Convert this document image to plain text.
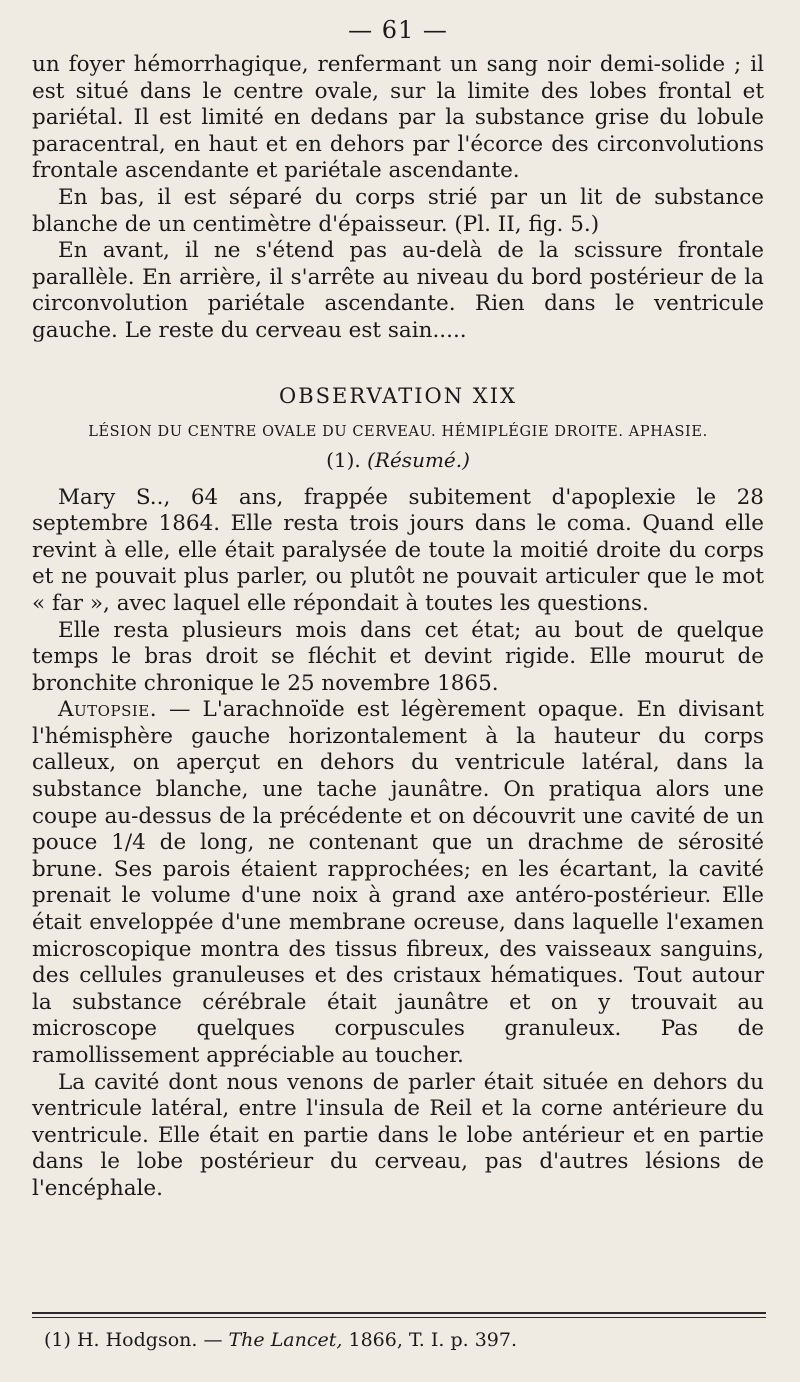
— 61 —

un foyer hémorrhagique, renfermant un sang noir demi-solide ; il est situé dans le centre ovale, sur la limite des lobes frontal et pariétal. Il est limité en dedans par la substance grise du lobule paracentral, en haut et en dehors par l'écorce des circonvolutions frontale ascendante et pariétale ascendante.

En bas, il est séparé du corps strié par un lit de substance blanche de un centimètre d'épaisseur. (Pl. II, fig. 5.)

En avant, il ne s'étend pas au-delà de la scissure frontale parallèle. En arrière, il s'arrête au niveau du bord postérieur de la circonvolution pariétale ascendante. Rien dans le ventricule gauche. Le reste du cerveau est sain.....

OBSERVATION XIX
LÉSION DU CENTRE OVALE DU CERVEAU. HÉMIPLÉGIE DROITE. APHASIE.
(1). (Résumé.)

Mary S.., 64 ans, frappée subitement d'apoplexie le 28 septembre 1864. Elle resta trois jours dans le coma. Quand elle revint à elle, elle était paralysée de toute la moitié droite du corps et ne pouvait plus parler, ou plutôt ne pouvait articuler que le mot « far », avec laquel elle répondait à toutes les questions.

Elle resta plusieurs mois dans cet état; au bout de quelque temps le bras droit se fléchit et devint rigide. Elle mourut de bronchite chronique le 25 novembre 1865.

Autopsie. — L'arachnoïde est légèrement opaque. En divisant l'hémisphère gauche horizontalement à la hauteur du corps calleux, on aperçut en dehors du ventricule latéral, dans la substance blanche, une tache jaunâtre. On pratiqua alors une coupe au-dessus de la précédente et on découvrit une cavité de un pouce 1/4 de long, ne contenant que un drachme de sérosité brune. Ses parois étaient rapprochées; en les écartant, la cavité prenait le volume d'une noix à grand axe antéro-postérieur. Elle était enveloppée d'une membrane ocreuse, dans laquelle l'examen microscopique montra des tissus fibreux, des vaisseaux sanguins, des cellules granuleuses et des cristaux hématiques. Tout autour la substance cérébrale était jaunâtre et on y trouvait au microscope quelques corpuscules granuleux. Pas de ramollissement appréciable au toucher.

La cavité dont nous venons de parler était située en dehors du ventricule latéral, entre l'insula de Reil et la corne antérieure du ventricule. Elle était en partie dans le lobe antérieur et en partie dans le lobe postérieur du cerveau, pas d'autres lésions de l'encéphale.

(1) H. Hodgson. — The Lancet, 1866, T. I. p. 397.
